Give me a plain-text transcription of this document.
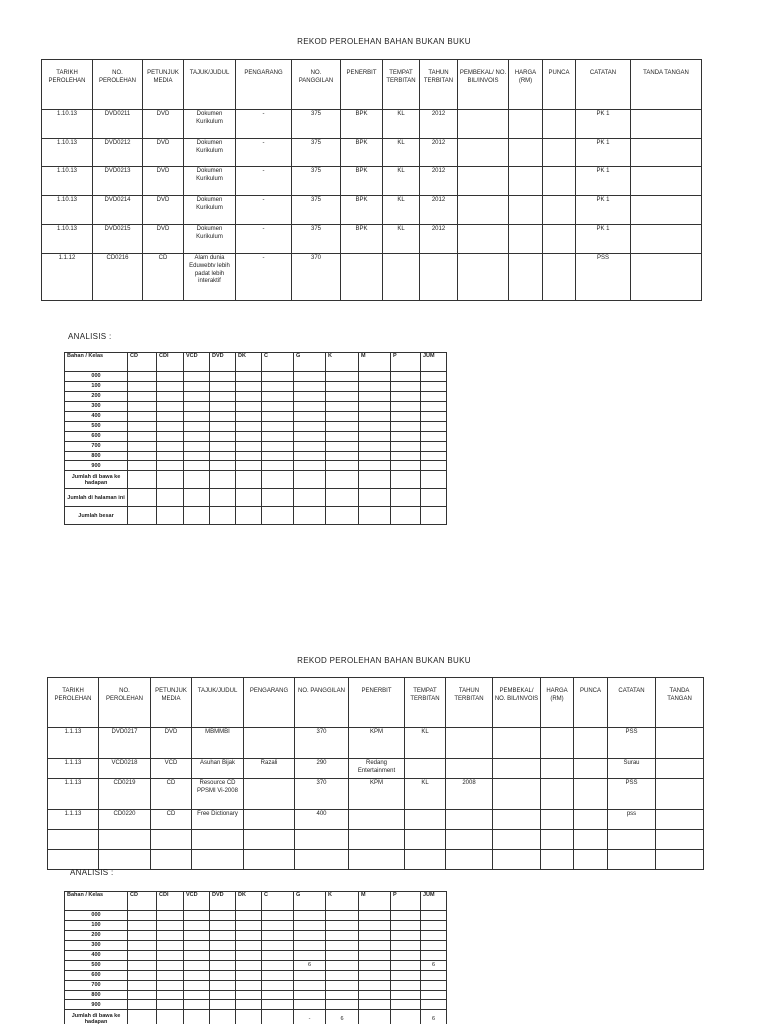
REKOD PEROLEHAN BAHAN BUKAN BUKU
TARIKH PEROLEHAN	NO. PEROLEHAN	PETUNJUK MEDIA	TAJUK/JUDUL	PENGARANG	NO. PANGGILAN	PENERBIT	TEMPAT TERBITAN	TAHUN TERBITAN	PEMBEKAL/ NO. BIL/INVOIS	HARGA (RM)	PUNCA	CATATAN	TANDA TANGAN
1.10.13	DVD0211	DVD	Dokumen Kurikulum	-	375	BPK	KL	2012				PK 1	
1.10.13	DVD0212	DVD	Dokumen Kurikulum	-	375	BPK	KL	2012				PK 1	
1.10.13	DVD0213	DVD	Dokumen Kurikulum	-	375	BPK	KL	2012				PK 1	
1.10.13	DVD0214	DVD	Dokumen Kurikulum	-	375	BPK	KL	2012				PK 1	
1.10.13	DVD0215	DVD	Dokumen Kurikulum	-	375	BPK	KL	2012				PK 1	
1.1.12	CD0216	CD	Alam dunia Eduwebtv lebih padat lebih interaktif	-	370							PSS	
ANALISIS :
Bahan / Kelas	CD	CDI	VCD	DVD	DK	C	G	K	M	P	JUM
000											
100											
200											
300											
400											
500											
600											
700											
800											
900											
Jumlah di bawa ke hadapan											
Jumlah di halaman ini											
Jumlah besar											
REKOD PEROLEHAN BAHAN BUKAN BUKU
TARIKH PEROLEHAN	NO. PEROLEHAN	PETUNJUK MEDIA	TAJUK/JUDUL	PENGARANG	NO. PANGGILAN	PENERBIT	TEMPAT TERBITAN	TAHUN TERBITAN	PEMBEKAL/ NO. BIL/INVOIS	HARGA (RM)	PUNCA	CATATAN	TANDA TANGAN
1.1.13	DVD0217	DVD	MBMMBI		370	KPM	KL					PSS	
1.1.13	VCD0218	VCD	Asuhan Bijak	Razali	290	Redang Entertainment						Surau	
1.1.13	CD0219	CD	Resource CD PPSMI Vi-2008		370	KPM	KL	2008				PSS	
1.1.13	CD0220	CD	Free Dictionary		400							pss	

ANALISIS :
Bahan / Kelas	CD	CDI	VCD	DVD	DK	C	G	K	M	P	JUM
000											
100											
200											
300											
400											
500							6				6
600											
700											
800											
900											
Jumlah di bawa ke hadapan							-	6			6
